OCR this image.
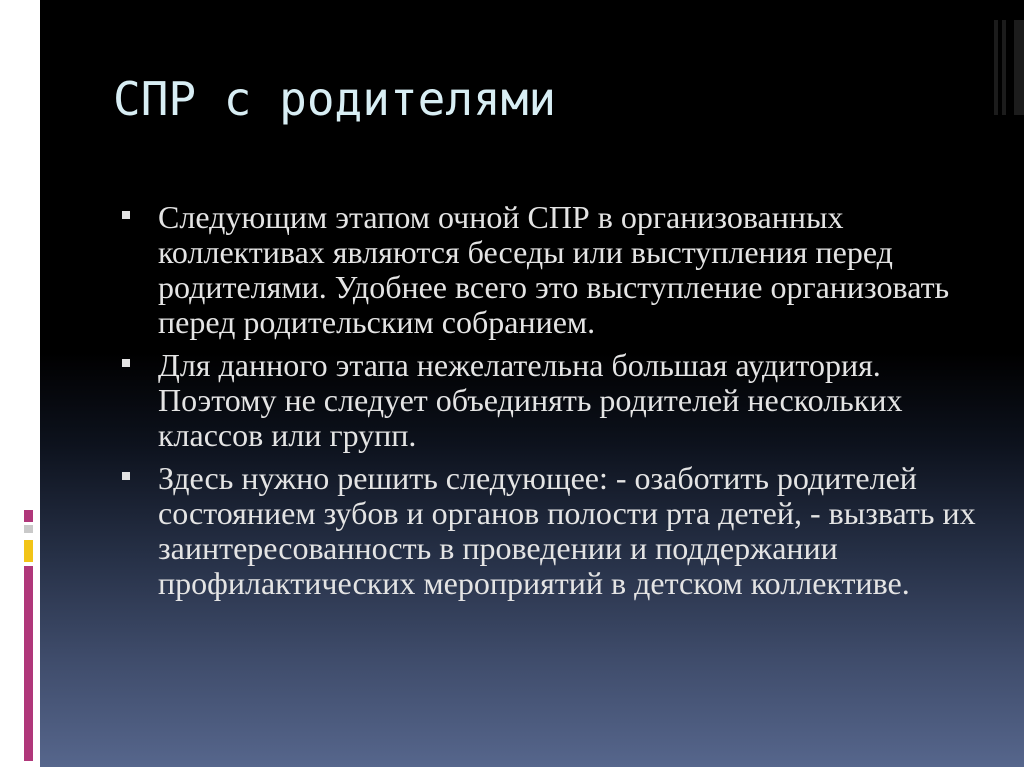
СПР с родителями
Следующим этапом очной СПР в организованных коллективах являются беседы или выступления перед родителями. Удобнее всего это выступление организовать перед родительским собранием.
Для данного этапа нежелательна большая аудитория. Поэтому не следует объединять родителей нескольких классов или групп.
Здесь нужно решить следующее: - озаботить родителей состоянием зубов и органов полости рта детей, - вызвать их заинтересованность в проведении и поддержании профилактических мероприятий в детском коллективе.
